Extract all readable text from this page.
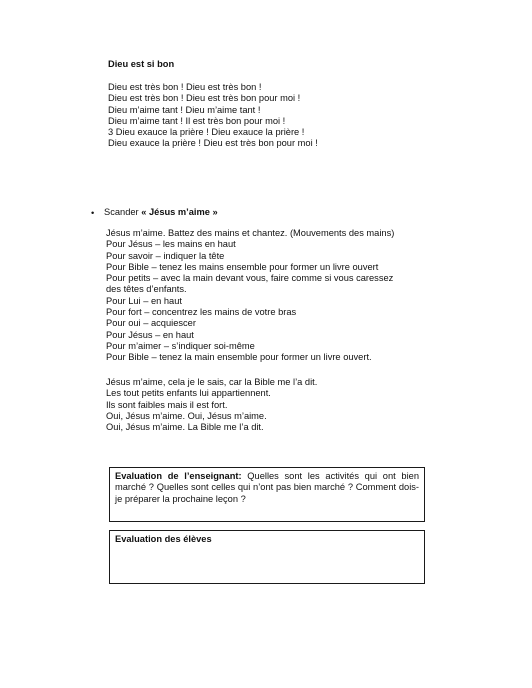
Dieu est si bon
Dieu est très bon ! Dieu est très bon !
Dieu est très bon ! Dieu est très bon pour moi !
Dieu m’aime tant ! Dieu m’aime tant !
Dieu m’aime tant ! Il est très bon pour moi !
3 Dieu exauce la prière ! Dieu exauce la prière !
Dieu exauce la prière ! Dieu est très bon pour moi !
• Scander « Jésus m’aime »
Jésus m’aime. Battez des mains et chantez. (Mouvements des mains)
Pour Jésus – les mains en haut
Pour savoir – indiquer la tête
Pour Bible – tenez les mains ensemble pour former un livre ouvert
Pour petits – avec la main devant vous, faire comme si vous caressez
des têtes d’enfants.
Pour Lui – en haut
Pour fort – concentrez les mains de votre bras
Pour oui – acquiescer
Pour Jésus – en haut
Pour m’aimer – s’indiquer soi-même
Pour Bible – tenez la main ensemble pour former un livre ouvert.
Jésus m’aime, cela je le sais, car la Bible me l’a dit.
Les tout petits enfants lui appartiennent.
Ils sont faibles mais il est fort.
Oui, Jésus m’aime. Oui, Jésus m’aime.
Oui, Jésus m’aime. La Bible me l’a dit.
Evaluation de l’enseignant: Quelles sont les activités qui ont bien marché ? Quelles sont celles qui n’ont pas bien marché ? Comment dois-je préparer la prochaine leçon ?
Evaluation des élèves
